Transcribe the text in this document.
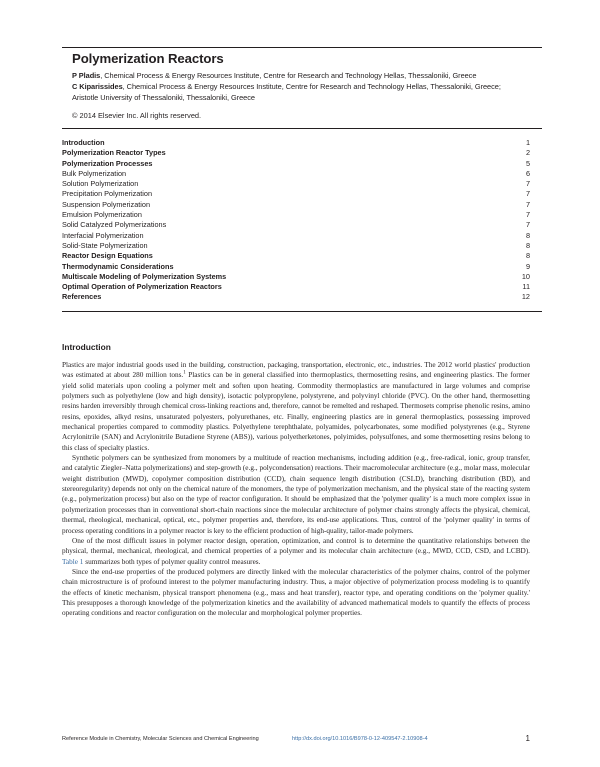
Polymerization Reactors
P Pladis, Chemical Process & Energy Resources Institute, Centre for Research and Technology Hellas, Thessaloniki, Greece
C Kiparissides, Chemical Process & Energy Resources Institute, Centre for Research and Technology Hellas, Thessaloniki, Greece;
Aristotle University of Thessaloniki, Thessaloniki, Greece
© 2014 Elsevier Inc. All rights reserved.
Introduction	1
Polymerization Reactor Types	2
Polymerization Processes	5
Bulk Polymerization	6
Solution Polymerization	7
Precipitation Polymerization	7
Suspension Polymerization	7
Emulsion Polymerization	7
Solid Catalyzed Polymerizations	7
Interfacial Polymerization	8
Solid-State Polymerization	8
Reactor Design Equations	8
Thermodynamic Considerations	9
Multiscale Modeling of Polymerization Systems	10
Optimal Operation of Polymerization Reactors	11
References	12
Introduction

Plastics are major industrial goods used in the building, construction, packaging, transportation, electronic, etc., industries. The 2012 world plastics' production was estimated at about 280 million tons.$^1$ Plastics can be in general classified into thermoplastics, thermosetting resins, and engineering plastics. The former yield solid materials upon cooling a polymer melt and soften upon heating. Commodity thermoplastics are manufactured in large volumes and comprise polymers such as polyethylene (low and high density), isotactic polypropylene, polystyrene, and polyvinyl chloride (PVC). On the other hand, thermosetting resins harden irreversibly through chemical cross-linking reactions and, therefore, cannot be remelted and reshaped. Thermosets comprise phenolic resins, amino resins, epoxides, alkyd resins, unsaturated polyesters, polyurethanes, etc. Finally, engineering plastics are in general thermoplastics, possessing improved mechanical properties compared to commodity plastics. Polyethylene terephthalate, polyamides, polycarbonates, some modified polystyrenes (e.g., Styrene Acrylonitrile (SAN) and Acrylonitrile Butadiene Styrene (ABS)), various polyetherketones, polyimides, polysulfones, and some thermosetting resins belong to this class of specialty plastics.

Synthetic polymers can be synthesized from monomers by a multitude of reaction mechanisms, including addition (e.g., free-radical, ionic, group transfer, and catalytic Ziegler–Natta polymerizations) and step-growth (e.g., polycondensation) reactions. Their macromolecular architecture (e.g., molar mass, molecular weight distribution (MWD), copolymer composition distribution (CCD), chain sequence length distribution (CSLD), branching distribution (BD), and stereoregularity) depends not only on the chemical nature of the monomers, the type of polymerization mechanism, and the physical state of the reacting system (e.g., polymerization process) but also on the type of reactor configuration. It should be emphasized that the 'polymer quality' is a much more complex issue in polymerization processes than in conventional short-chain reactions since the molecular architecture of polymer chains strongly affects the physical, chemical, thermal, rheological, mechanical, optical, etc., polymer properties and, therefore, its end-use applications. Thus, control of the 'polymer quality' in terms of process operating conditions in a polymer reactor is key to the efficient production of high-quality, tailor-made polymers.

One of the most difficult issues in polymer reactor design, operation, optimization, and control is to determine the quantitative relationships between the physical, thermal, mechanical, rheological, and chemical properties of a polymer and its molecular chain architecture (e.g., MWD, CCD, CSD, and LCBD). Table 1 summarizes both types of polymer quality control measures.

Since the end-use properties of the produced polymers are directly linked with the molecular characteristics of the polymer chains, control of the polymer chain microstructure is of profound interest to the polymer manufacturing industry. Thus, a major objective of polymerization process modeling is to quantify the effects of kinetic mechanism, physical transport phenomena (e.g., mass and heat transfer), reactor type, and operating conditions on the 'polymer quality.' This presupposes a thorough knowledge of the polymerization kinetics and the availability of advanced mathematical models to quantify the effects of process operating conditions and reactor configuration on the molecular and morphological polymer properties.

Reference Module in Chemistry, Molecular Sciences and Chemical Engineering	http://dx.doi.org/10.1016/B978-0-12-409547-2.10908-4	1
